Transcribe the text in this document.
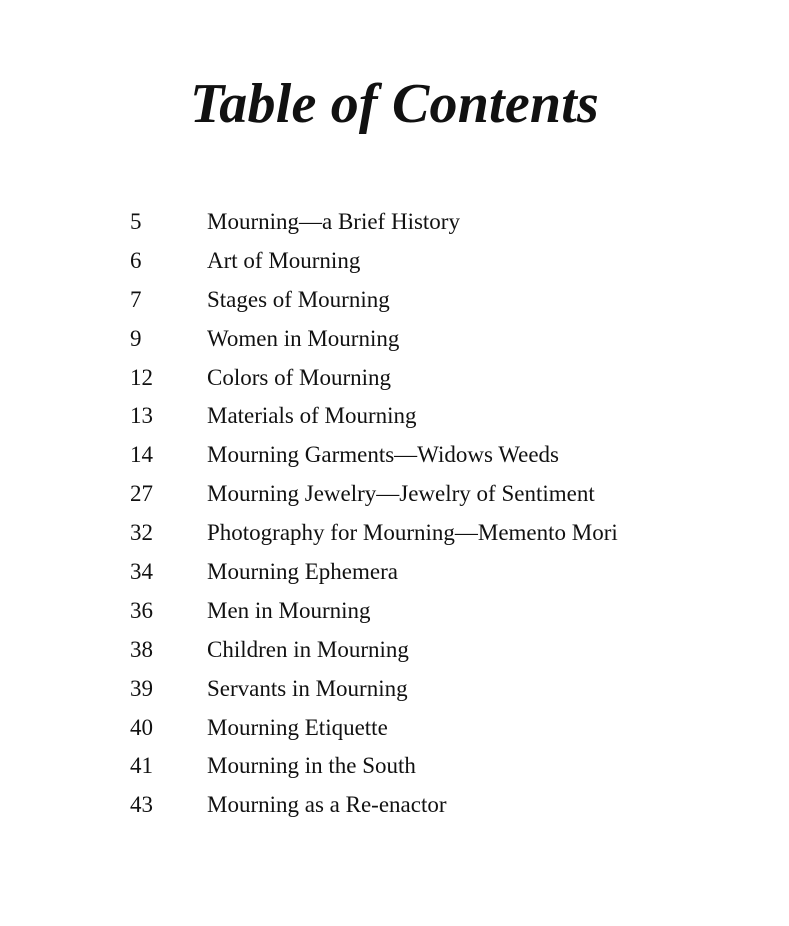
Table of Contents
5	Mourning—a Brief History
6	Art of Mourning
7	Stages of Mourning
9	Women in Mourning
12 Colors of Mourning
13 Materials of Mourning
14 Mourning Garments—Widows Weeds
27 Mourning Jewelry—Jewelry of Sentiment
32 Photography for Mourning—Memento Mori
34 Mourning Ephemera
36 Men in Mourning
38 Children in Mourning
39 Servants in Mourning
40 Mourning Etiquette
41 Mourning in the South
43 Mourning as a Re-enactor
